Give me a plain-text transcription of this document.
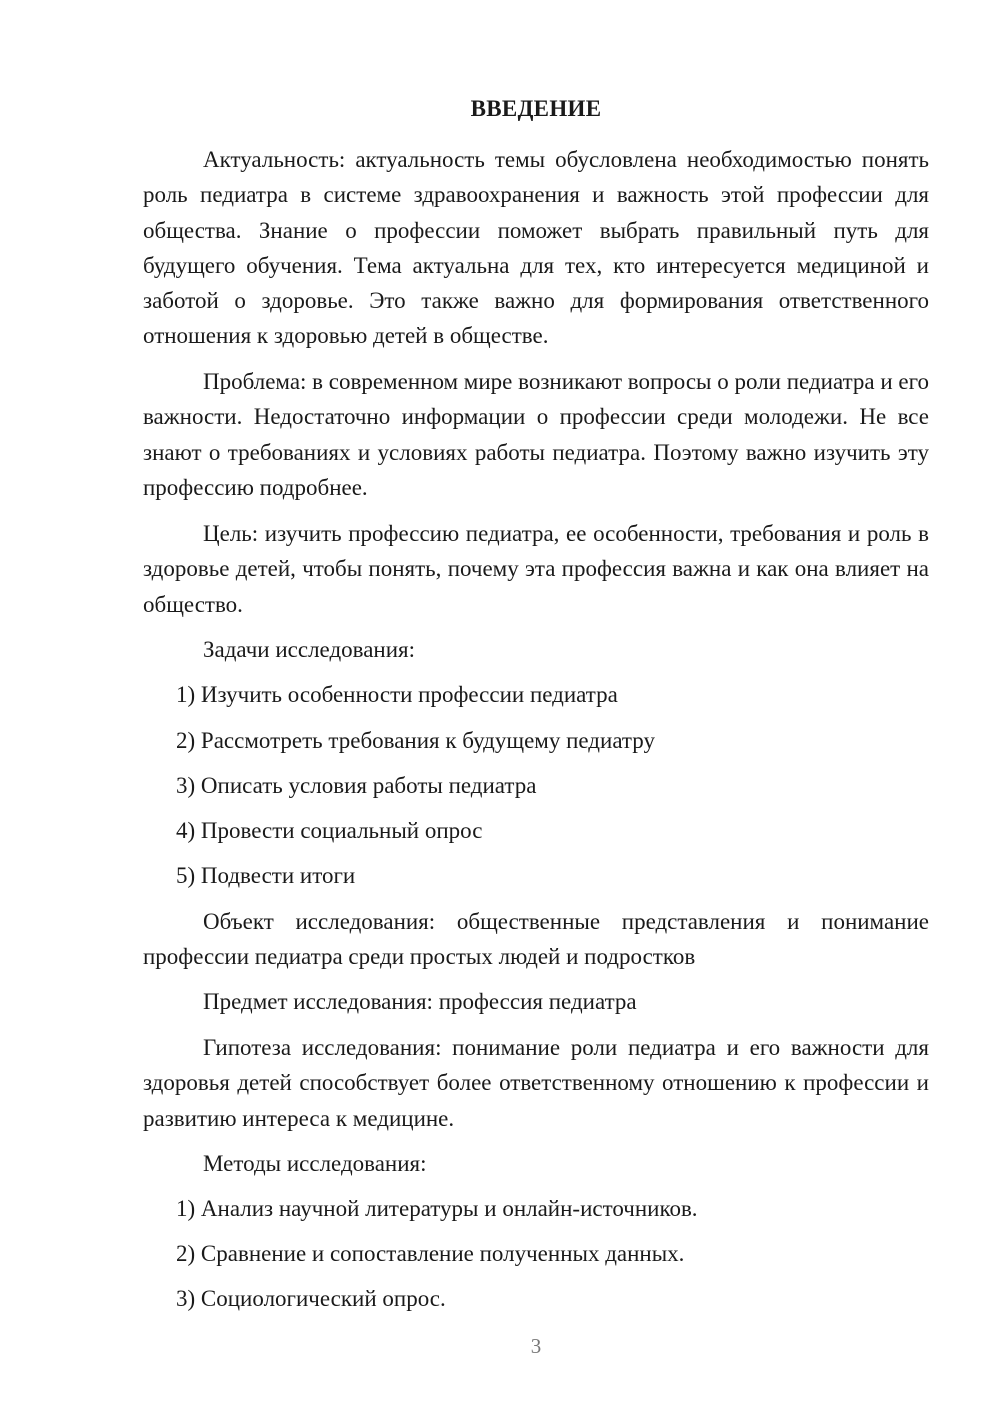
ВВЕДЕНИЕ

Актуальность: актуальность темы обусловлена необходимостью понять роль педиатра в системе здравоохранения и важность этой профессии для общества. Знание о профессии поможет выбрать правильный путь для будущего обучения. Тема актуальна для тех, кто интересуется медициной и заботой о здоровье. Это также важно для формирования ответственного отношения к здоровью детей в обществе.

Проблема: в современном мире возникают вопросы о роли педиатра и его важности. Недостаточно информации о профессии среди молодежи. Не все знают о требованиях и условиях работы педиатра. Поэтому важно изучить эту профессию подробнее.

Цель: изучить профессию педиатра, ее особенности, требования и роль в здоровье детей, чтобы понять, почему эта профессия важна и как она влияет на общество.

Задачи исследования:

1) Изучить особенности профессии педиатра

2) Рассмотреть требования к будущему педиатру

3) Описать условия работы педиатра

4) Провести социальный опрос

5) Подвести итоги

Объект исследования: общественные представления и понимание профессии педиатра среди простых людей и подростков

Предмет исследования: профессия педиатра

Гипотеза исследования: понимание роли педиатра и его важности для здоровья детей способствует более ответственному отношению к профессии и развитию интереса к медицине.

Методы исследования:

1) Анализ научной литературы и онлайн-источников.

2) Сравнение и сопоставление полученных данных.

3) Социологический опрос.

3
